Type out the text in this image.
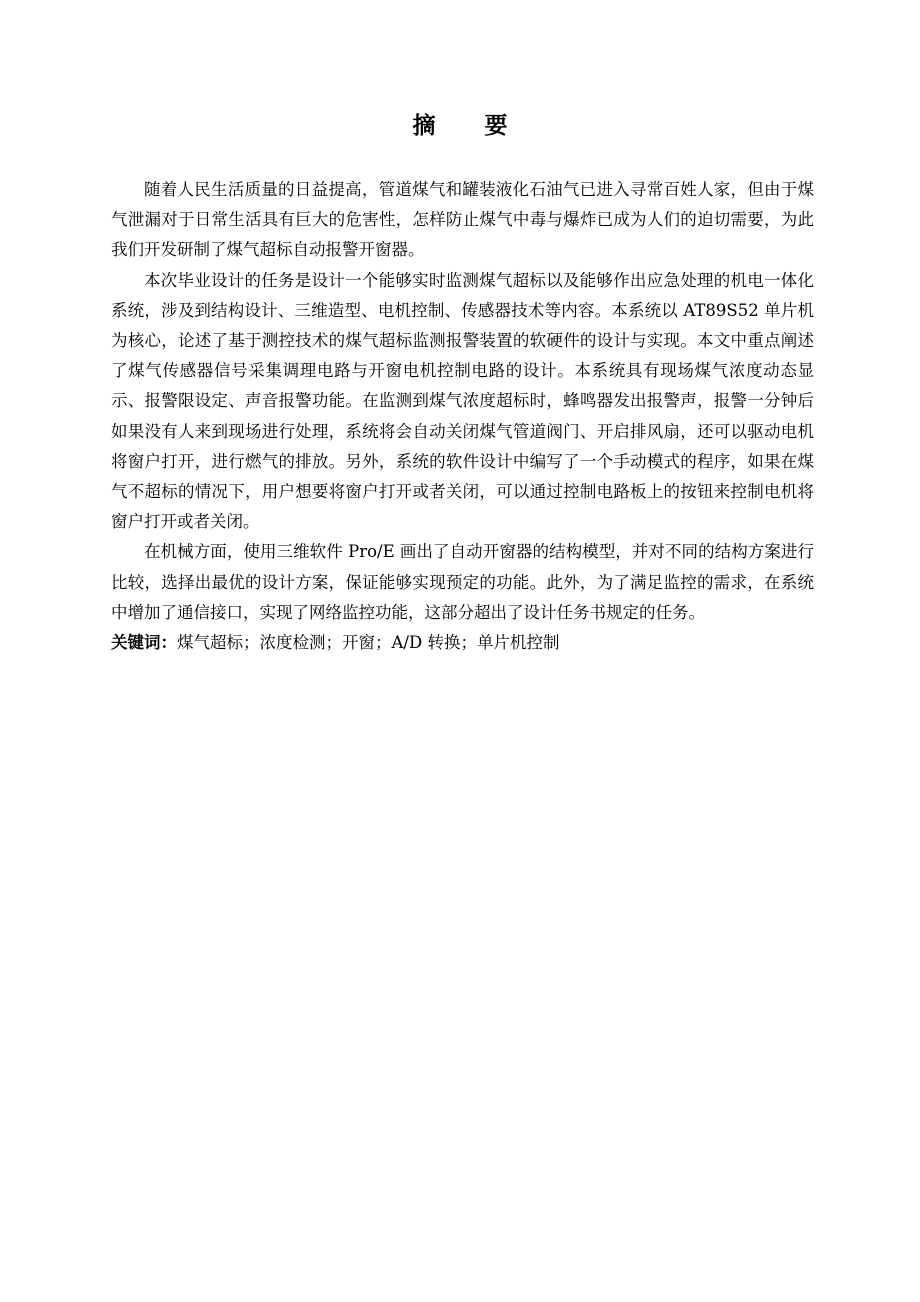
摘　要

随着人民生活质量的日益提高，管道煤气和罐装液化石油气已进入寻常百姓人家，但由于煤气泄漏对于日常生活具有巨大的危害性，怎样防止煤气中毒与爆炸已成为人们的迫切需要，为此我们开发研制了煤气超标自动报警开窗器。

本次毕业设计的任务是设计一个能够实时监测煤气超标以及能够作出应急处理的机电一体化系统，涉及到结构设计、三维造型、电机控制、传感器技术等内容。本系统以 AT89S52 单片机为核心，论述了基于测控技术的煤气超标监测报警装置的软硬件的设计与实现。本文中重点阐述了煤气传感器信号采集调理电路与开窗电机控制电路的设计。本系统具有现场煤气浓度动态显示、报警限设定、声音报警功能。在监测到煤气浓度超标时，蜂鸣器发出报警声，报警一分钟后如果没有人来到现场进行处理，系统将会自动关闭煤气管道阀门、开启排风扇，还可以驱动电机将窗户打开，进行燃气的排放。另外，系统的软件设计中编写了一个手动模式的程序，如果在煤气不超标的情况下，用户想要将窗户打开或者关闭，可以通过控制电路板上的按钮来控制电机将窗户打开或者关闭。

在机械方面，使用三维软件 Pro/E 画出了自动开窗器的结构模型，并对不同的结构方案进行比较，选择出最优的设计方案，保证能够实现预定的功能。此外，为了满足监控的需求，在系统中增加了通信接口，实现了网络监控功能，这部分超出了设计任务书规定的任务。

关键词：煤气超标；浓度检测；开窗；A/D 转换；单片机控制
